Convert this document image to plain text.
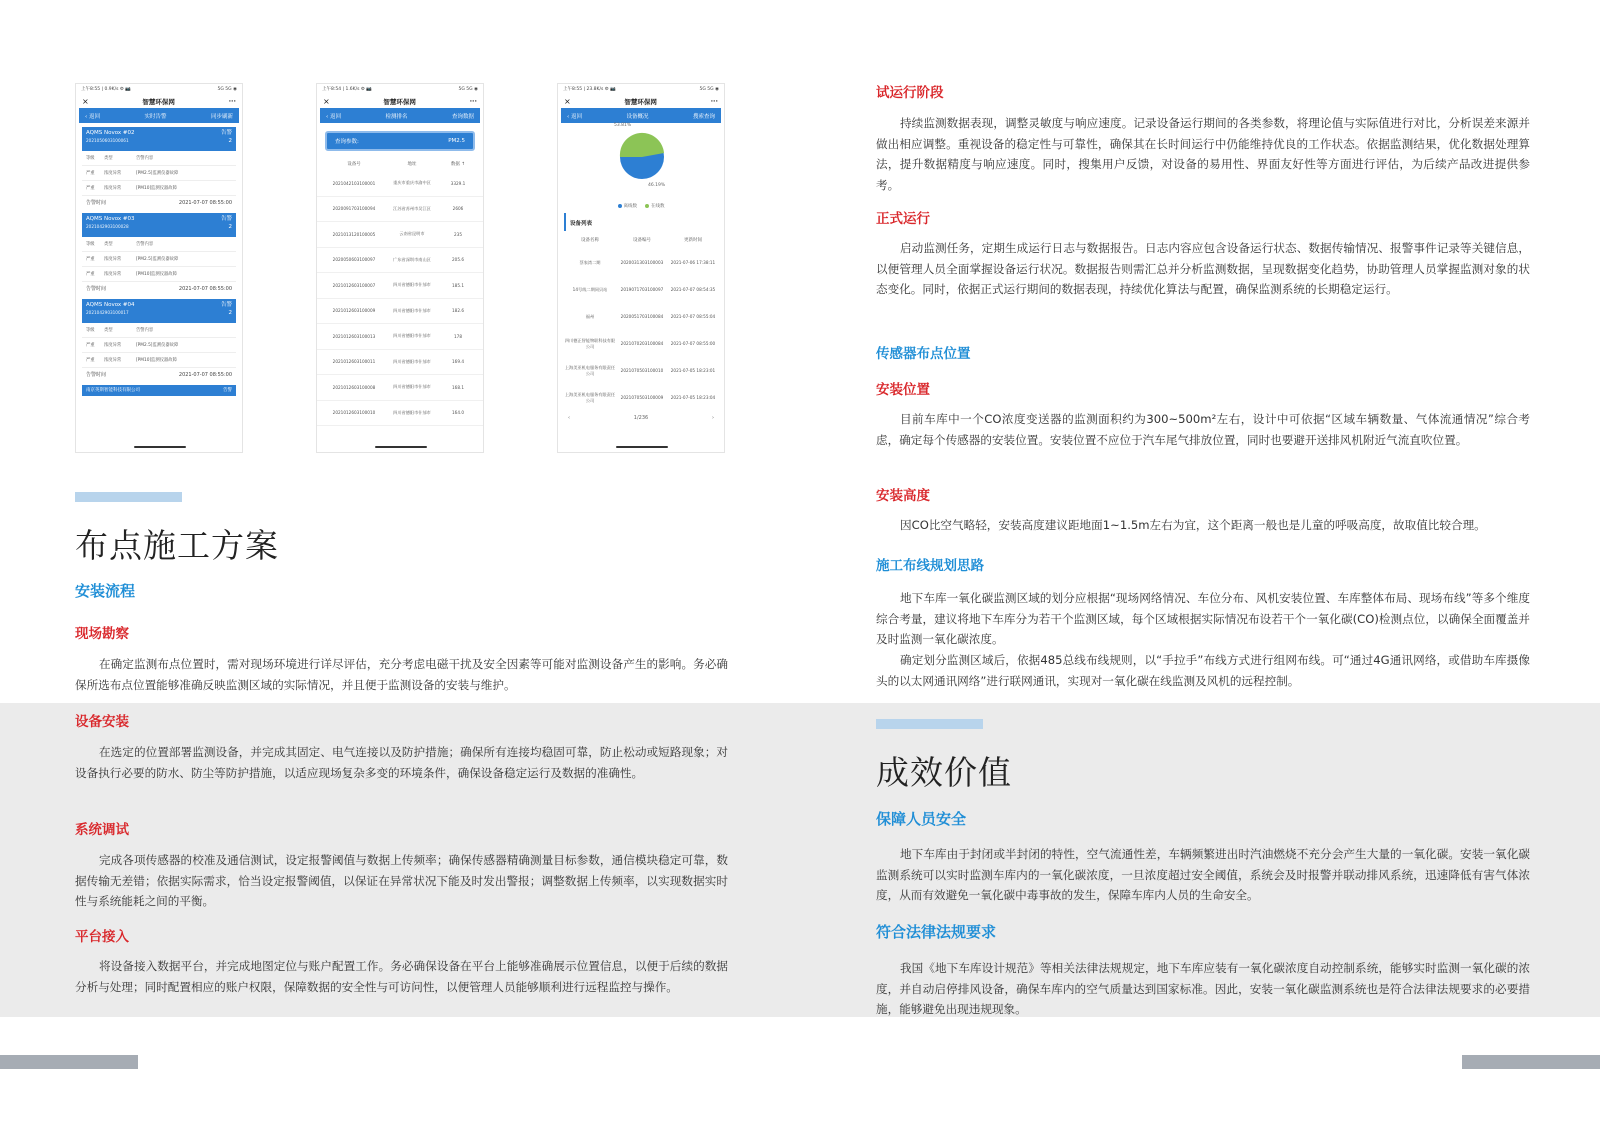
上午8:55 | 0.9K/s ⚙ 📷	5G 5G ◉
×	智慧环保网	···
‹ 返回	实时告警	同步刷新
AQMS Novox #02
2021050603100061
告警
2
等级	类型	告警内容
严重	浓度异常	[PM2.5]监测仪器故障
严重	浓度异常	[PM10]监测仪器故障
告警时间	2021-07-07 08:55:00
AQMS Novox #03
2021042903100028
告警
2
等级	类型	告警内容
严重	浓度异常	[PM2.5]监测仪器故障
严重	浓度异常	[PM10]监测仪器故障
告警时间	2021-07-07 08:55:00
AQMS Novox #04
2021042903100017
告警
2
等级	类型	告警内容
严重	浓度异常	[PM2.5]监测仪器故障
严重	浓度异常	[PM10]监测仪器故障
告警时间	2021-07-07 08:55:00
南京英斯智能科技有限公司	告警
上午8:54 | 1.6K/s ⚙ 📷	5G 5G ◉
×	智慧环保网	···
‹ 返回	检测排名	查询数据
查询参数:	PM2.5
设备号	地址	数据 ↑
2021042103100001	重庆市重庆市渝中区	3329.1
2020091703100094	江苏省苏州市吴江区	2606
2021013120100005	云南省昆明市	235
2020050603100097	广东省深圳市南山区	205.6
2021012603100007	四川省德阳市什邡市	185.1
2021012603100009	四川省德阳市什邡市	182.6
2021012603100013	四川省德阳市什邡市	178
2021012603100011	四川省德阳市什邡市	169.4
2021012603100008	四川省德阳市什邡市	168.1
2021012603100010	四川省德阳市什邡市	164.0
上午8:55 | 23.8K/s ⚙ 📷	5G 5G ◉
×	智慧环保网	···
‹ 返回	设备概况	搜索查询
53.81%
46.19%
离线数	在线数
设备列表
设备名称	设备编号	更新时间
蔡家湾二期	2020031303100003	2021-07-06 17:38:11
14号线二期同贝站	2019071703100097	2021-07-07 08:54:35
福州	2020051703100084	2021-07-07 08:55:04
四川德正智能物联科技有限公司	2021070203100084	2021-07-07 08:55:00
上海美亚机电服务有限责任公司	2021070503100010	2021-07-05 18:23:01
上海美亚机电服务有限责任公司	2021070503100009	2021-07-05 18:23:04
‹	1/236	›
布点施工方案
安装流程
现场勘察
在确定监测布点位置时，需对现场环境进行详尽评估，充分考虑电磁干扰及安全因素等可能对监测设备产生的影响。务必确保所选布点位置能够准确反映监测区域的实际情况，并且便于监测设备的安装与维护。
设备安装
在选定的位置部署监测设备，并完成其固定、电气连接以及防护措施；确保所有连接均稳固可靠，防止松动或短路现象；对设备执行必要的防水、防尘等防护措施，以适应现场复杂多变的环境条件，确保设备稳定运行及数据的准确性。
系统调试
完成各项传感器的校准及通信测试，设定报警阈值与数据上传频率；确保传感器精确测量目标参数，通信模块稳定可靠，数据传输无差错；依据实际需求，恰当设定报警阈值，以保证在异常状况下能及时发出警报；调整数据上传频率，以实现数据实时性与系统能耗之间的平衡。
平台接入
将设备接入数据平台，并完成地图定位与账户配置工作。务必确保设备在平台上能够准确展示位置信息，以便于后续的数据分析与处理；同时配置相应的账户权限，保障数据的安全性与可访问性，以便管理人员能够顺利进行远程监控与操作。
试运行阶段
持续监测数据表现，调整灵敏度与响应速度。记录设备运行期间的各类参数，将理论值与实际值进行对比，分析误差来源并做出相应调整。重视设备的稳定性与可靠性，确保其在长时间运行中仍能维持优良的工作状态。依据监测结果，优化数据处理算法，提升数据精度与响应速度。同时，搜集用户反馈，对设备的易用性、界面友好性等方面进行评估，为后续产品改进提供参考。
正式运行
启动监测任务，定期生成运行日志与数据报告。日志内容应包含设备运行状态、数据传输情况、报警事件记录等关键信息，以便管理人员全面掌握设备运行状况。数据报告则需汇总并分析监测数据，呈现数据变化趋势，协助管理人员掌握监测对象的状态变化。同时，依据正式运行期间的数据表现，持续优化算法与配置，确保监测系统的长期稳定运行。
传感器布点位置
安装位置
目前车库中一个CO浓度变送器的监测面积约为300~500m²左右，设计中可依据“区域车辆数量、气体流通情况”综合考虑，确定每个传感器的安装位置。安装位置不应位于汽车尾气排放位置，同时也要避开送排风机附近气流直吹位置。
安装高度
因CO比空气略轻，安装高度建议距地面1~1.5m左右为宜，这个距离一般也是儿童的呼吸高度，故取值比较合理。
施工布线规划思路
地下车库一氧化碳监测区域的划分应根据“现场网络情况、车位分布、风机安装位置、车库整体布局、现场布线”等多个维度综合考量，建议将地下车库分为若干个监测区域，每个区域根据实际情况布设若干个一氧化碳(CO)检测点位，以确保全面覆盖并及时监测一氧化碳浓度。
确定划分监测区域后，依据485总线布线规则，以“手拉手”布线方式进行组网布线。可“通过4G通讯网络，或借助车库摄像头的以太网通讯网络”进行联网通讯，实现对一氧化碳在线监测及风机的远程控制。
成效价值
保障人员安全
地下车库由于封闭或半封闭的特性，空气流通性差，车辆频繁进出时汽油燃烧不充分会产生大量的一氧化碳。安装一氧化碳监测系统可以实时监测车库内的一氧化碳浓度，一旦浓度超过安全阈值，系统会及时报警并联动排风系统，迅速降低有害气体浓度，从而有效避免一氧化碳中毒事故的发生，保障车库内人员的生命安全。
符合法律法规要求
我国《地下车库设计规范》等相关法律法规规定，地下车库应装有一氧化碳浓度自动控制系统，能够实时监测一氧化碳的浓度，并自动启停排风设备，确保车库内的空气质量达到国家标准。因此，安装一氧化碳监测系统也是符合法律法规要求的必要措施，能够避免出现违规现象。
